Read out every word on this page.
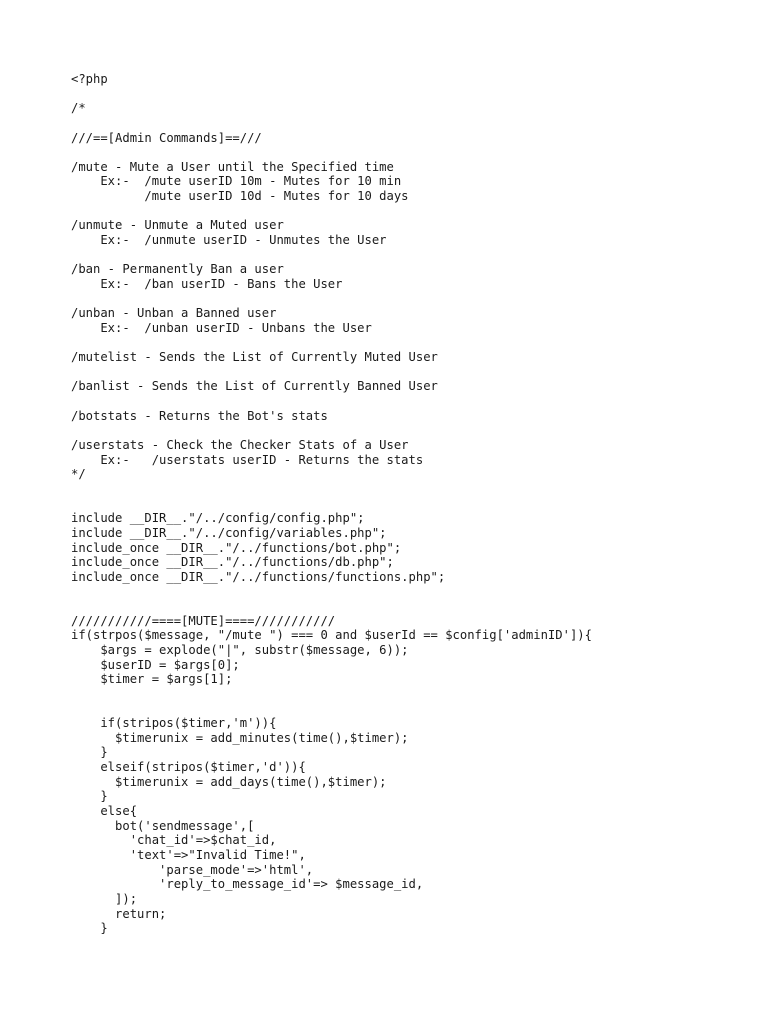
<?php
/*
///==[Admin Commands]==///
/mute - Mute a User until the Specified time
Ex:-  /mute userID 10m - Mutes for 10 min
/mute userID 10d - Mutes for 10 days
/unmute - Unmute a Muted user
Ex:-  /unmute userID - Unmutes the User
/ban - Permanently Ban a user
Ex:-  /ban userID - Bans the User
/unban - Unban a Banned user
Ex:-  /unban userID - Unbans the User
/mutelist - Sends the List of Currently Muted User
/banlist - Sends the List of Currently Banned User
/botstats - Returns the Bot's stats
/userstats - Check the Checker Stats of a User
Ex:-   /userstats userID - Returns the stats
*/
include __DIR__."/../config/config.php";
include __DIR__."/../config/variables.php";
include_once __DIR__."/../functions/bot.php";
include_once __DIR__."/../functions/db.php";
include_once __DIR__."/../functions/functions.php";
///////////====[MUTE]====///////////
if(strpos($message, "/mute ") === 0 and $userId == $config['adminID']){
$args = explode("|", substr($message, 6));
$userID = $args[0];
$timer = $args[1];
if(stripos($timer,'m')){
$timerunix = add_minutes(time(),$timer);
}
elseif(stripos($timer,'d')){
$timerunix = add_days(time(),$timer);
}
else{
bot('sendmessage',[
'chat_id'=>$chat_id,
'text'=>"Invalid Time!",
'parse_mode'=>'html',
'reply_to_message_id'=> $message_id,
]);
return;
}
